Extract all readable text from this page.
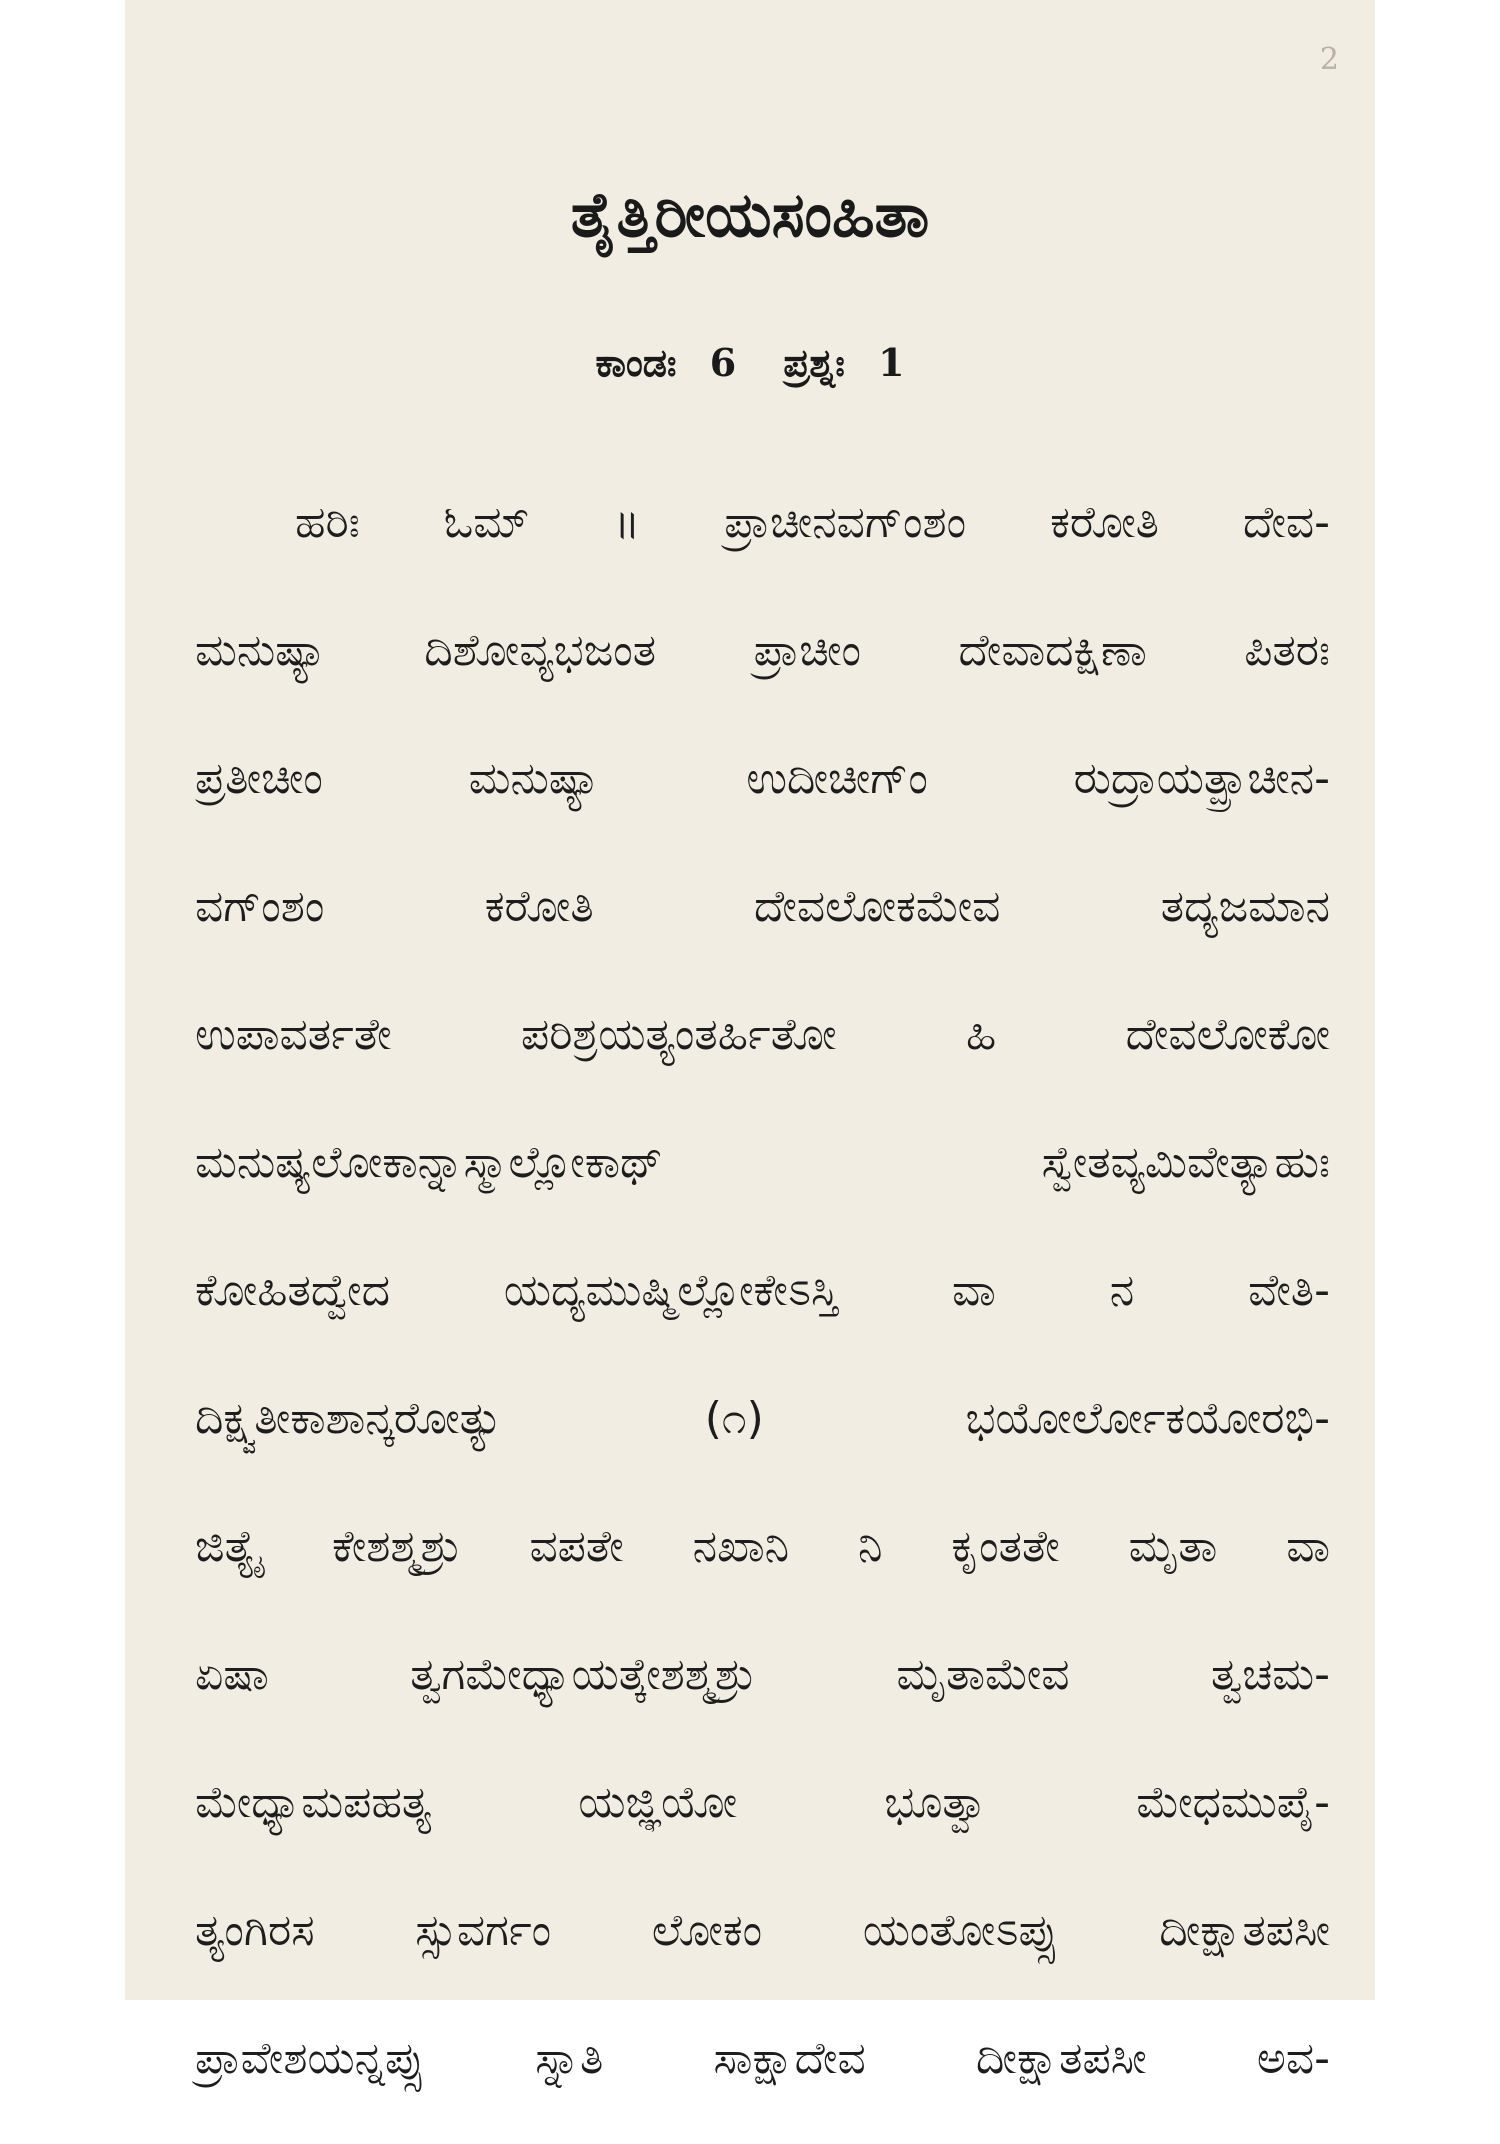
2
ತೈತ್ತಿರೀಯಸಂಹಿತಾ
ಕಾಂಡಃ 6 ಪ್ರಶ್ನಃ 1
ಹರಿಃ ಓಮ್ ॥ ಪ್ರಾಚೀನವಗ್ಂಶಂ ಕರೋತಿ ದೇವ-
ಮನುಷ್ಯಾ ದಿಶೋವ್ಯಭಜಂತ ಪ್ರಾಚೀಂ ದೇವಾದಕ್ಷಿಣಾ ಪಿತರಃ
ಪ್ರತೀಚೀಂ ಮನುಷ್ಯಾ ಉದೀಚೀಗ್ಂ ರುದ್ರಾಯತ್ಪ್ರಾಚೀನ-
ವಗ್ಂಶಂ ಕರೋತಿ ದೇವಲೋಕಮೇವ ತದ್ಯಜಮಾನ
ಉಪಾವರ್ತತೇ ಪರಿಶ್ರಯತ್ಯಂತರ್ಹಿತೋ ಹಿ ದೇವಲೋಕೋ
ಮನುಷ್ಯಲೋಕಾನ್ನಾಸ್ಮಾಲ್ಲೋಕಾಥ್ ಸ್ವೇತವ್ಯಮಿವೇತ್ಯಾಹುಃ
ಕೋಹಿತದ್ವೇದ ಯದ್ಯಮುಷ್ಮಿಲ್ಲೋಕೇಽಸ್ತಿ ವಾ ನ ವೇತಿ-
ದಿಕ್ಷ್ವತೀಕಾಶಾನ್ಕರೋತ್ಯು (೧) ಭಯೋರ್ಲೋಕಯೋರಭಿ-
ಜಿತ್ಯೈ ಕೇಶಶ್ಮಶ್ರು ವಪತೇ ನಖಾನಿ ನಿ ಕೃಂತತೇ ಮೃತಾ ವಾ
ಏಷಾ ತ್ವಗಮೇಧ್ಯಾಯತ್ಕೇಶಶ್ಮಶ್ರು ಮೃತಾಮೇವ ತ್ವಚಮ-
ಮೇಧ್ಯಾಮಪಹತ್ಯ ಯಜ್ಞಿಯೋ ಭೂತ್ವಾ ಮೇಧಮುಪೈ-
ತ್ಯಂಗಿರಸ ಸ್ಸುವರ್ಗಂ ಲೋಕಂ ಯಂತೋಽಪ್ಸು ದೀಕ್ಷಾತಪಸೀ
ಪ್ರಾವೇಶಯನ್ನಪ್ಸು ಸ್ನಾತಿ ಸಾಕ್ಷಾದೇವ ದೀಕ್ಷಾತಪಸೀ ಅವ-
